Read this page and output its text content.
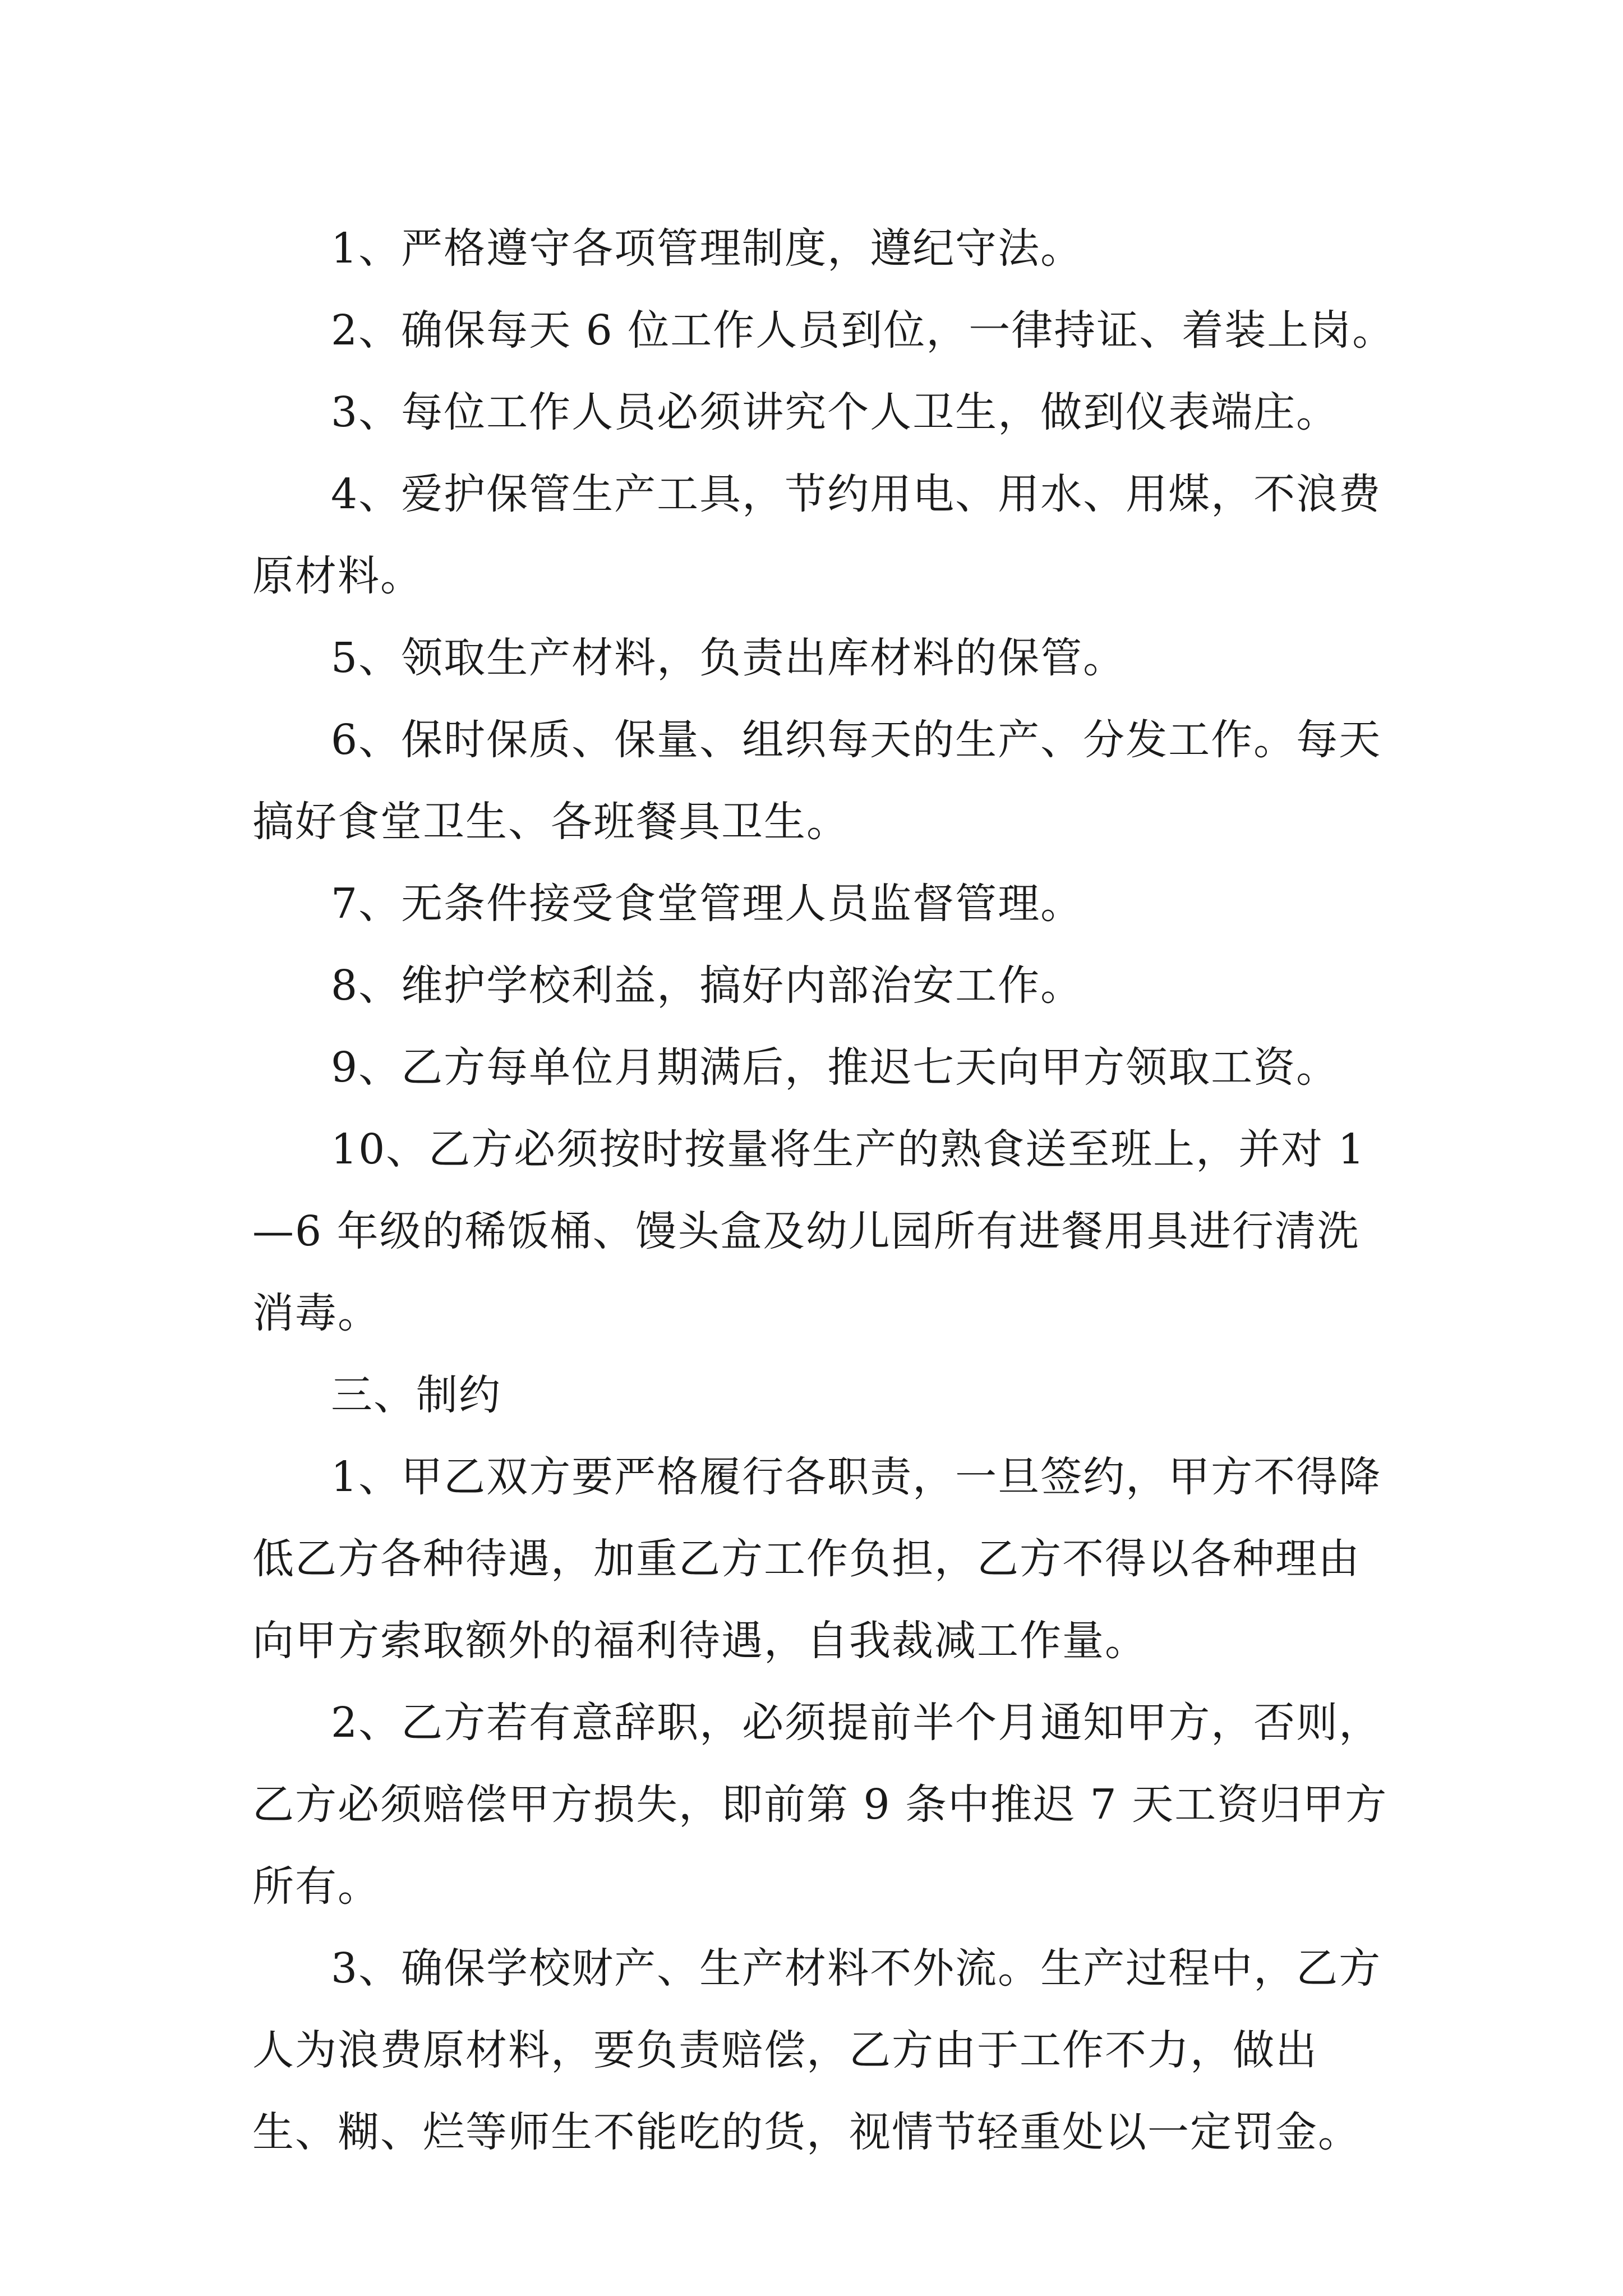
1、严格遵守各项管理制度，遵纪守法。

2、确保每天 6 位工作人员到位，一律持证、着装上岗。

3、每位工作人员必须讲究个人卫生，做到仪表端庄。

4、爱护保管生产工具，节约用电、用水、用煤，不浪费原材料。

5、领取生产材料，负责出库材料的保管。

6、保时保质、保量、组织每天的生产、分发工作。每天搞好食堂卫生、各班餐具卫生。

7、无条件接受食堂管理人员监督管理。

8、维护学校利益，搞好内部治安工作。

9、乙方每单位月期满后，推迟七天向甲方领取工资。

10、乙方必须按时按量将生产的熟食送至班上，并对 1—6 年级的稀饭桶、馒头盒及幼儿园所有进餐用具进行清洗消毒。

三、制约

1、甲乙双方要严格履行各职责，一旦签约，甲方不得降低乙方各种待遇，加重乙方工作负担，乙方不得以各种理由向甲方索取额外的福利待遇，自我裁减工作量。

2、乙方若有意辞职，必须提前半个月通知甲方，否则，乙方必须赔偿甲方损失，即前第 9 条中推迟 7 天工资归甲方所有。

3、确保学校财产、生产材料不外流。生产过程中，乙方人为浪费原材料，要负责赔偿，乙方由于工作不力，做出生、糊、烂等师生不能吃的货，视情节轻重处以一定罚金。
